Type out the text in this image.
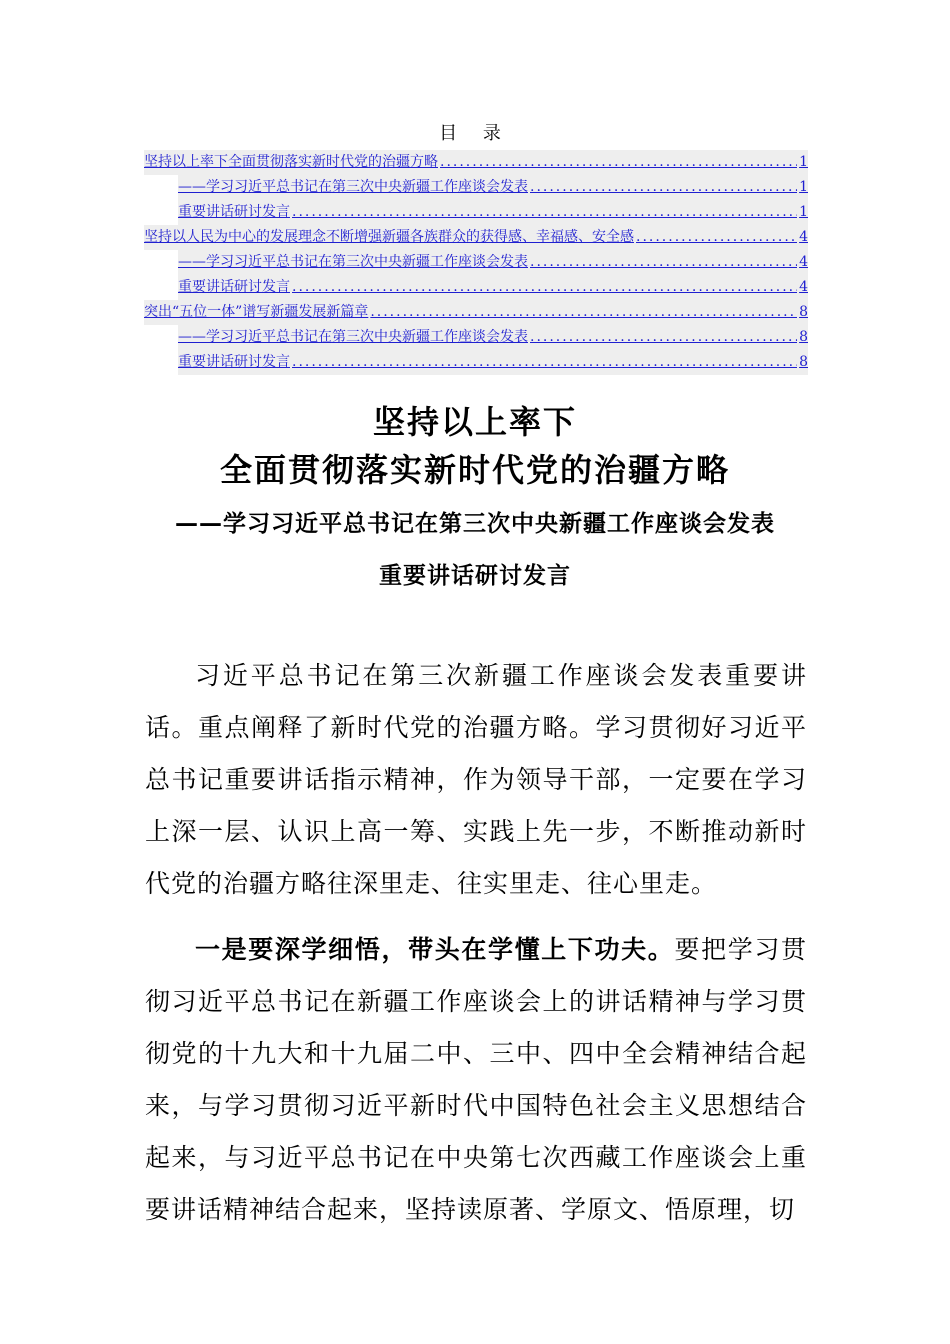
目 录
坚持以上率下全面贯彻落实新时代党的治疆方略 .....	1
——学习习近平总书记在第三次中央新疆工作座谈会发表 .....	1
重要讲话研讨发言 .....	1
坚持以人民为中心的发展理念不断增强新疆各族群众的获得感、幸福感、安全感 .....	4
——学习习近平总书记在第三次中央新疆工作座谈会发表 .....	4
重要讲话研讨发言 .....	4
突出“五位一体”谱写新疆发展新篇章 .....	8
——学习习近平总书记在第三次中央新疆工作座谈会发表 .....	8
重要讲话研讨发言 .....	8
坚持以上率下
全面贯彻落实新时代党的治疆方略
——学习习近平总书记在第三次中央新疆工作座谈会发表
重要讲话研讨发言

习近平总书记在第三次新疆工作座谈会发表重要讲话。重点阐释了新时代党的治疆方略。学习贯彻好习近平总书记重要讲话指示精神，作为领导干部，一定要在学习上深一层、认识上高一筹、实践上先一步，不断推动新时代党的治疆方略往深里走、往实里走、往心里走。

一是要深学细悟，带头在学懂上下功夫。要把学习贯彻习近平总书记在新疆工作座谈会上的讲话精神与学习贯彻党的十九大和十九届二中、三中、四中全会精神结合起来，与学习贯彻习近平新时代中国特色社会主义思想结合起来，与习近平总书记在中央第七次西藏工作座谈会上重要讲话精神结合起来，坚持读原著、学原文、悟原理，切
